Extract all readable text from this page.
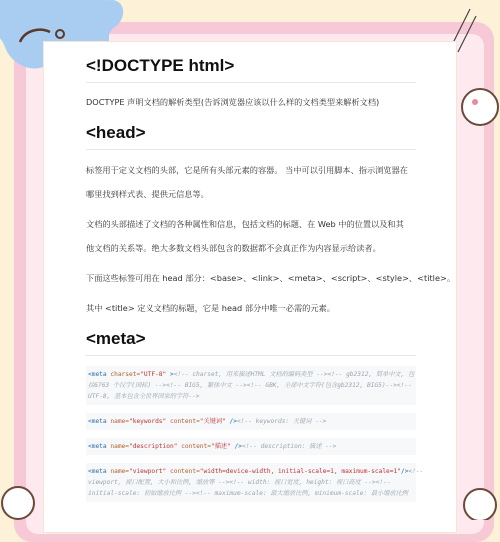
<!DOCTYPE html>

DOCTYPE 声明文档的解析类型(告诉浏览器应该以什么样的文档类型来解析文档)

<head>

标签用于定义文档的头部，它是所有头部元素的容器。 当中可以引用脚本、指示浏览器在

哪里找到样式表、提供元信息等。

文档的头部描述了文档的各种属性和信息，包括文档的标题、在 Web 中的位置以及和其

他文档的关系等。绝大多数文档头部包含的数据都不会真正作为内容显示给读者。

下面这些标签可用在 head 部分：<base>、<link>、<meta>、<script>、<style>、<title>。

其中 <title> 定义文档的标题，它是 head 部分中唯一必需的元素。

<meta>
<meta charset="UTF-8" ><!-- charset, 用来描述HTML 文档的编码类型 --><!-- gb2312, 简单中文, 包
括6763 个汉字(国标) --><!-- BIG5, 繁体中文 --><!-- GBK, 全部中文字符(包含gb2312, BIG5)--><!--
UTF-8, 基本包含全世界国家的字符-->
<meta name="keywords" content="关键词" /><!-- keywords: 关键词 -->
<meta name="description" content="描述" /><!-- description: 描述 -->
<meta name="viewport" content="width=device-width, initial-scale=1, maximum-scale=1"/><!--
viewport, 视口配置, 大小和比例, 缩放等 --><!-- width: 视口宽度, height: 视口高度 --><!--
initial-scale: 初始缩放比例 --><!-- maximum-scale: 最大缩放比例, minimum-scale: 最小缩放比例
